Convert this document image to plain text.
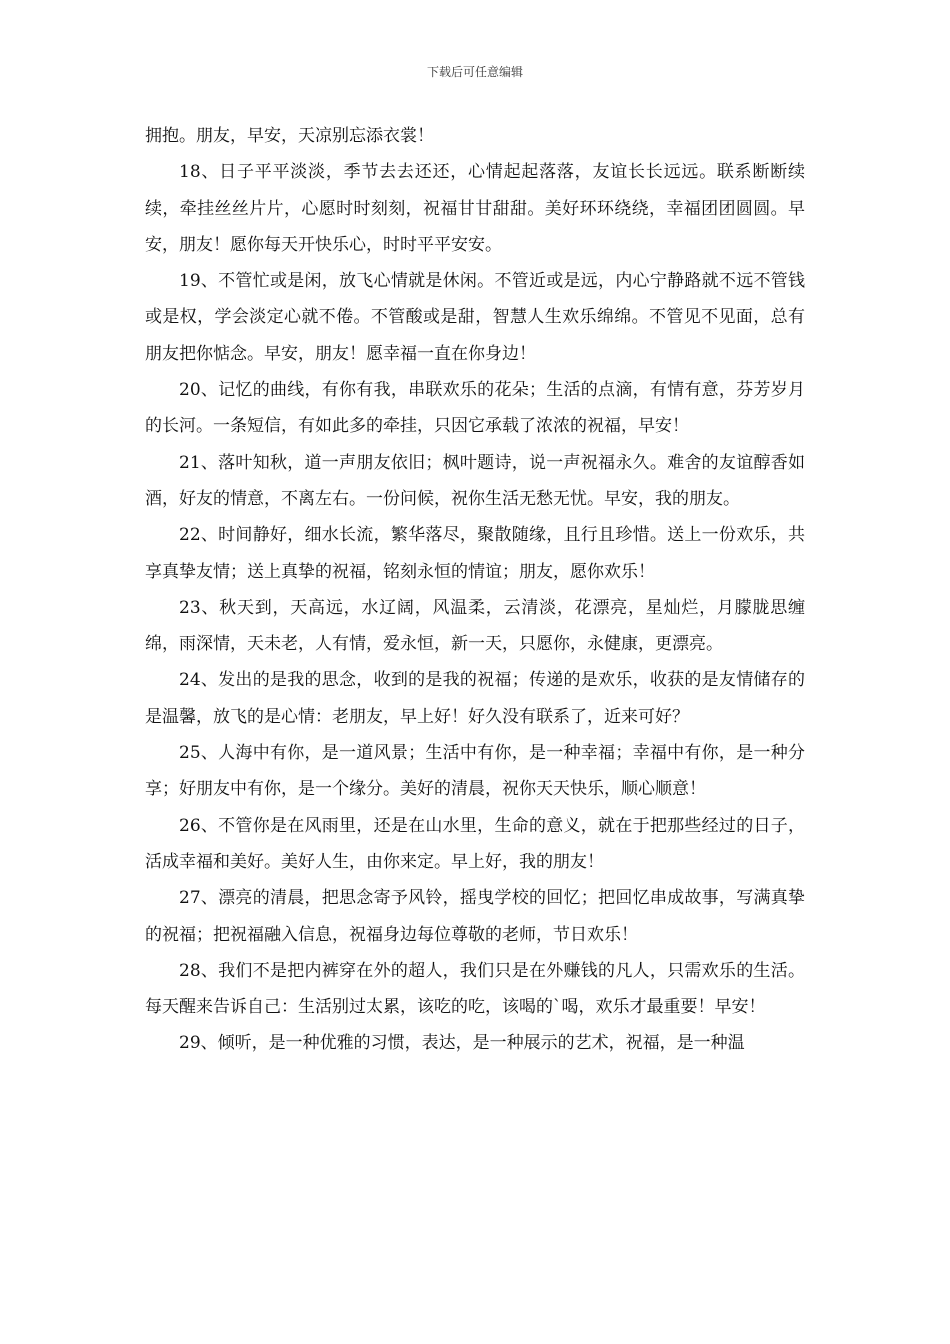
下载后可任意编辑

拥抱。朋友，早安，天凉别忘添衣裳！

18、日子平平淡淡，季节去去还还，心情起起落落，友谊长长远远。联系断断续续，牵挂丝丝片片，心愿时时刻刻，祝福甘甘甜甜。美好环环绕绕，幸福团团圆圆。早安，朋友！愿你每天开快乐心，时时平平安安。

19、不管忙或是闲，放飞心情就是休闲。不管近或是远，内心宁静路就不远不管钱或是权，学会淡定心就不倦。不管酸或是甜，智慧人生欢乐绵绵。不管见不见面，总有朋友把你惦念。早安，朋友！愿幸福一直在你身边！

20、记忆的曲线，有你有我，串联欢乐的花朵；生活的点滴，有情有意，芬芳岁月的长河。一条短信，有如此多的牵挂，只因它承载了浓浓的祝福，早安！

21、落叶知秋，道一声朋友依旧；枫叶题诗，说一声祝福永久。难舍的友谊醇香如酒，好友的情意，不离左右。一份问候，祝你生活无愁无忧。早安，我的朋友。

22、时间静好，细水长流，繁华落尽，聚散随缘，且行且珍惜。送上一份欢乐，共享真挚友情；送上真挚的祝福，铭刻永恒的情谊；朋友，愿你欢乐！

23、秋天到，天高远，水辽阔，风温柔，云清淡，花漂亮，星灿烂，月朦胧思缠绵，雨深情，天未老，人有情，爱永恒，新一天，只愿你，永健康，更漂亮。

24、发出的是我的思念，收到的是我的祝福；传递的是欢乐，收获的是友情储存的是温馨，放飞的是心情：老朋友，早上好！好久没有联系了，近来可好？

25、人海中有你，是一道风景；生活中有你，是一种幸福；幸福中有你，是一种分享；好朋友中有你，是一个缘分。美好的清晨，祝你天天快乐，顺心顺意！

26、不管你是在风雨里，还是在山水里，生命的意义，就在于把那些经过的日子，活成幸福和美好。美好人生，由你来定。早上好，我的朋友！

27、漂亮的清晨，把思念寄予风铃，摇曳学校的回忆；把回忆串成故事，写满真挚的祝福；把祝福融入信息，祝福身边每位尊敬的老师，节日欢乐！

28、我们不是把内裤穿在外的超人，我们只是在外赚钱的凡人，只需欢乐的生活。每天醒来告诉自己：生活别过太累，该吃的吃，该喝的`喝，欢乐才最重要！早安！

29、倾听，是一种优雅的习惯，表达，是一种展示的艺术，祝福，是一种温
